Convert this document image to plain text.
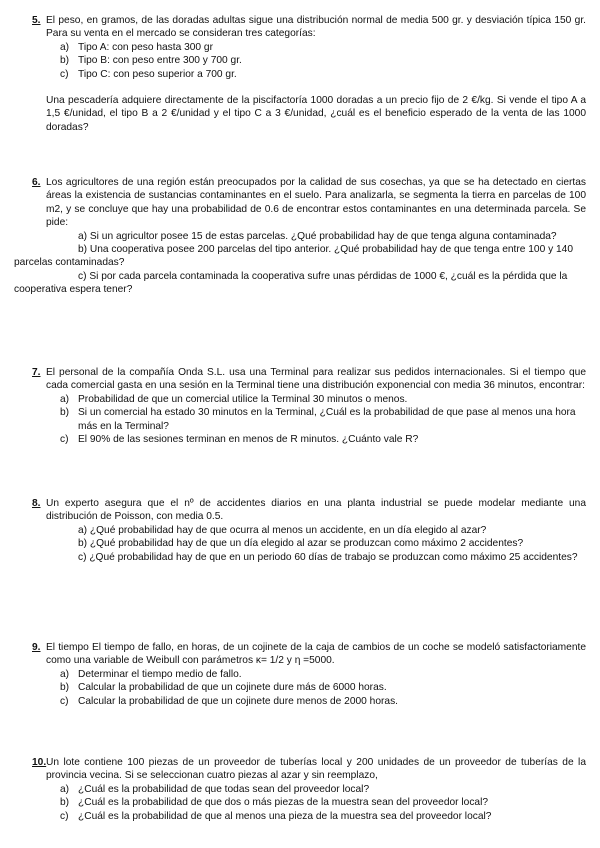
5. El peso, en gramos, de las doradas adultas sigue una distribución normal de media 500 gr. y desviación típica 150 gr. Para su venta en el mercado se consideran tres categorías:
a) Tipo A: con peso hasta 300 gr
b) Tipo B: con peso entre 300 y 700 gr.
c) Tipo C: con peso superior a 700 gr.
Una pescadería adquiere directamente de la piscifactoría 1000 doradas a un precio fijo de 2 €/kg. Si vende el tipo A a 1,5 €/unidad, el tipo B a 2 €/unidad y el tipo C a 3 €/unidad, ¿cuál es el beneficio esperado de la venta de las 1000 doradas?
6. Los agricultores de una región están preocupados por la calidad de sus cosechas, ya que se ha detectado en ciertas áreas la existencia de sustancias contaminantes en el suelo. Para analizarla, se segmenta la tierra en parcelas de 100 m2, y se concluye que hay una probabilidad de 0.6 de encontrar estos contaminantes en una determinada parcela. Se pide:
a) Si un agricultor posee 15 de estas parcelas. ¿Qué probabilidad hay de que tenga alguna contaminada?
b) Una cooperativa posee 200 parcelas del tipo anterior. ¿Qué probabilidad hay de que tenga entre 100 y 140 parcelas contaminadas?
c) Si por cada parcela contaminada la cooperativa sufre unas pérdidas de 1000 €, ¿cuál es la pérdida que la cooperativa espera tener?
7. El personal de la compañía Onda S.L. usa una Terminal para realizar sus pedidos internacionales. Si el tiempo que cada comercial gasta en una sesión en la Terminal tiene una distribución exponencial con media 36 minutos, encontrar:
a) Probabilidad de que un comercial utilice la Terminal 30 minutos o menos.
b) Si un comercial ha estado 30 minutos en la Terminal, ¿Cuál es la probabilidad de que pase al menos una hora más en la Terminal?
c) El 90% de las sesiones terminan en menos de R minutos. ¿Cuánto vale R?
8. Un experto asegura que el nº de accidentes diarios en una planta industrial se puede modelar mediante una distribución de Poisson, con media 0.5.
a) ¿Qué probabilidad hay de que ocurra al menos un accidente, en un día elegido al azar?
b) ¿Qué probabilidad hay de que un día elegido al azar se produzcan como máximo 2 accidentes?
c) ¿Qué probabilidad hay de que en un periodo 60 días de trabajo se produzcan como máximo 25 accidentes?
9. El tiempo El tiempo de fallo, en horas, de un cojinete de la caja de cambios de un coche se modeló satisfactoriamente como una variable de Weibull con parámetros κ= 1/2 y η =5000.
a) Determinar el tiempo medio de fallo.
b) Calcular la probabilidad de que un cojinete dure más de 6000 horas.
c) Calcular la probabilidad de que un cojinete dure menos de 2000 horas.
10. Un lote contiene 100 piezas de un proveedor de tuberías local y 200 unidades de un proveedor de tuberías de la provincia vecina. Si se seleccionan cuatro piezas al azar y sin reemplazo,
a) ¿Cuál es la probabilidad de que todas sean del proveedor local?
b) ¿Cuál es la probabilidad de que dos o más piezas de la muestra sean del proveedor local?
c) ¿Cuál es la probabilidad de que al menos una pieza de la muestra sea del proveedor local?
